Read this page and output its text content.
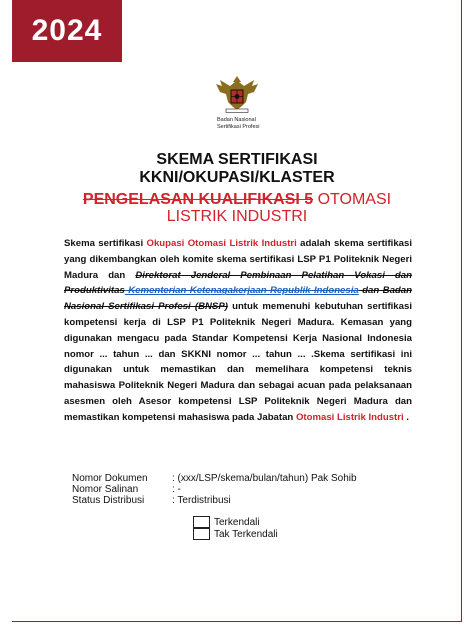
2024
Badan Nasional
Sertifikasi Profesi
SKEMA SERTIFIKASI
KKNI/OKUPASI/KLASTER
PENGELASAN KUALIFIKASI 5 OTOMASI
LISTRIK INDUSTRI
Skema sertifikasi Okupasi Otomasi Listrik Industri adalah skema sertifikasi yang dikembangkan oleh komite skema sertifikasi LSP P1 Politeknik Negeri Madura dan Direktorat Jenderal Pembinaan Pelatihan Vokasi dan Produktivitas Kementerian Ketenagakerjaan Republik Indonesia dan Badan Nasional Sertifikasi Profesi (BNSP) untuk memenuhi kebutuhan sertifikasi kompetensi kerja di LSP P1 Politeknik Negeri Madura. Kemasan yang digunakan mengacu pada Standar Kompetensi Kerja Nasional Indonesia nomor ... tahun ... dan SKKNI nomor ... tahun ... .Skema sertifikasi ini digunakan untuk memastikan dan memelihara kompetensi teknis mahasiswa Politeknik Negeri Madura dan sebagai acuan pada pelaksanaan asesmen oleh Asesor kompetensi LSP Politeknik Negeri Madura dan memastikan kompetensi mahasiswa pada Jabatan Otomasi Listrik Industri .
Nomor Dokumen	: (xxx/LSP/skema/bulan/tahun) Pak Sohib
Nomor Salinan	: -
Status Distribusi	: Terdistribusi
Terkendali
Tak Terkendali
